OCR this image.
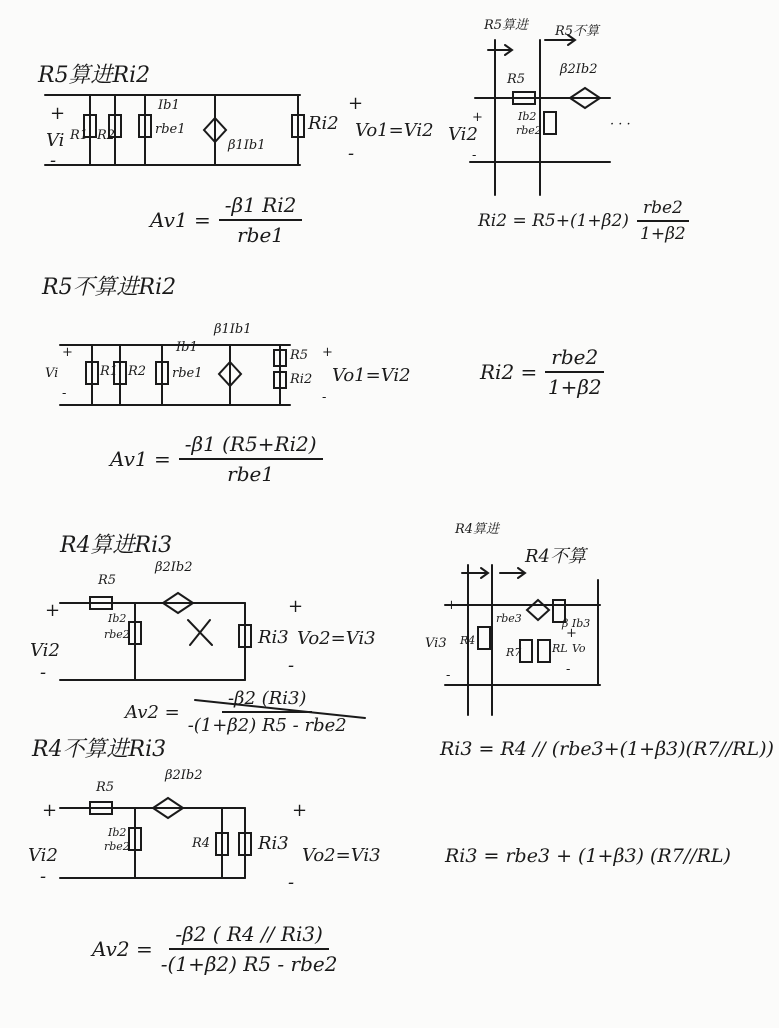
R5算进Ri2
+
Vi
-
R1 R2
Ib1
rbe1
β1Ib1
Ri2
+
Vo1=Vi2
-
$Av1 = \frac{-\beta 1 Ri2}{\text{rbe1}}$
R5算进 R5不算
R5
β2Ib2
+
Vi2
-
Ib2
rbe2	· · ·
$Ri2 = R5+(1+\beta 2) \frac{\text{rbe2}}{1+\beta 2}$
R5不算进Ri2
+
Vi
-
R1 R2
Ib1
rbe1
β1Ib1
R5
Ri2
+
Vo1=Vi2
-
$Av1 = \frac{-\beta 1 (R5+Ri2)}{\text{rbe1}}$
$Ri2 = \frac{\text{rbe2}}{1+\beta 2}$
R4算进Ri3
R5
β2Ib2
+
Vi2
-
Ib2
rbe2	Ri3
+
Vo2=Vi3
-
$Av2 = \frac{-\beta 2 (Ri3)}{\text{-(1+β2) R5 - rbe2}}$
R4算进
R4不算
+
Vi3
-
R4
rbe3	β Ib3
R7	RL Vo
+
-
Ri3 = R4 // (rbe3+(1+β3)(R7//RL))
R4不算进Ri3
R5
β2Ib2
+
Vi2
-
Ib2
rbe2	R4	Ri3
+
Vo2=Vi3
-
$Av2 = \frac{-\beta 2 ( R4 // Ri3)}{\text{-(1+β2) R5 - rbe2}}$
Ri3 = rbe3 + (1+β3) (R7//RL)
